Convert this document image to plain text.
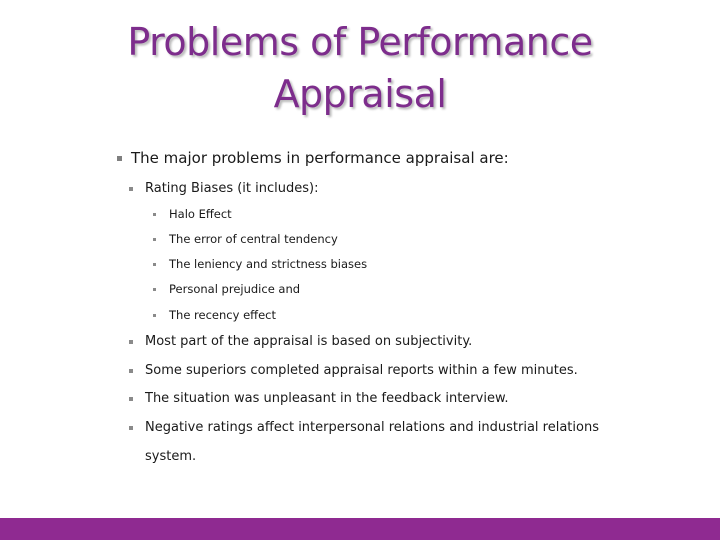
Problems of Performance
Appraisal
The major problems in performance appraisal are:
Rating Biases (it includes):
Halo Effect
The error of central tendency
The leniency and strictness biases
Personal prejudice and
The recency effect
Most part of the appraisal is based on subjectivity.
Some superiors completed appraisal reports within a few minutes.
The situation was unpleasant in the feedback interview.
Negative ratings affect interpersonal relations and industrial relations
system.
